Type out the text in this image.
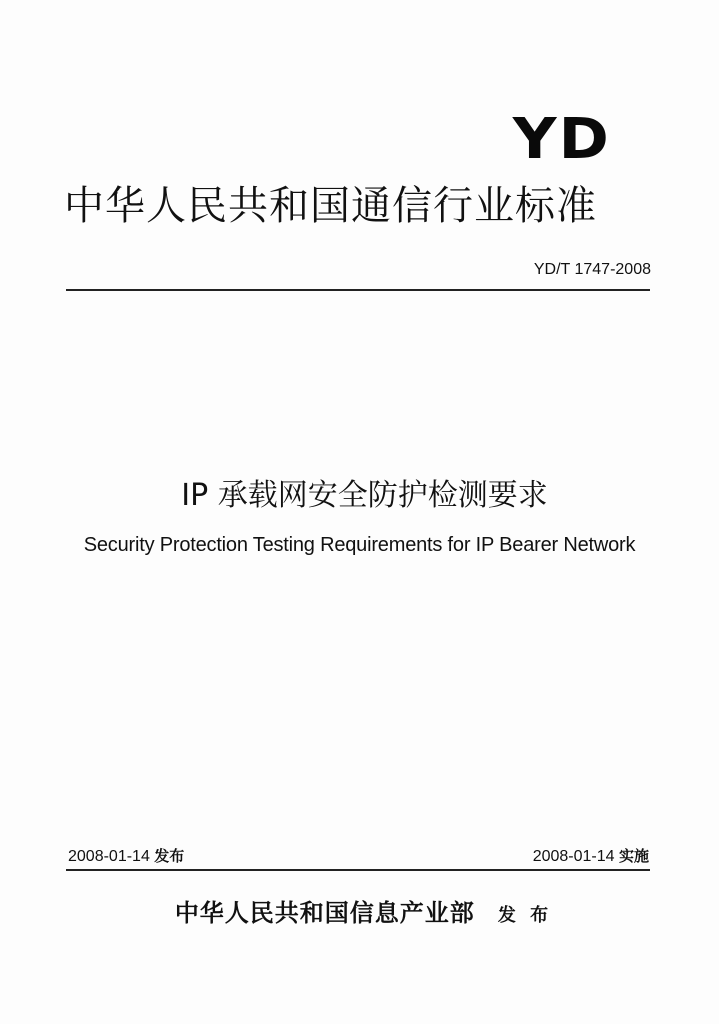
YD
中华人民共和国通信行业标准
YD/T 1747-2008
IP 承载网安全防护检测要求
Security Protection Testing Requirements for IP Bearer Network
2008-01-14 发布	2008-01-14 实施
中华人民共和国信息产业部 发 布
